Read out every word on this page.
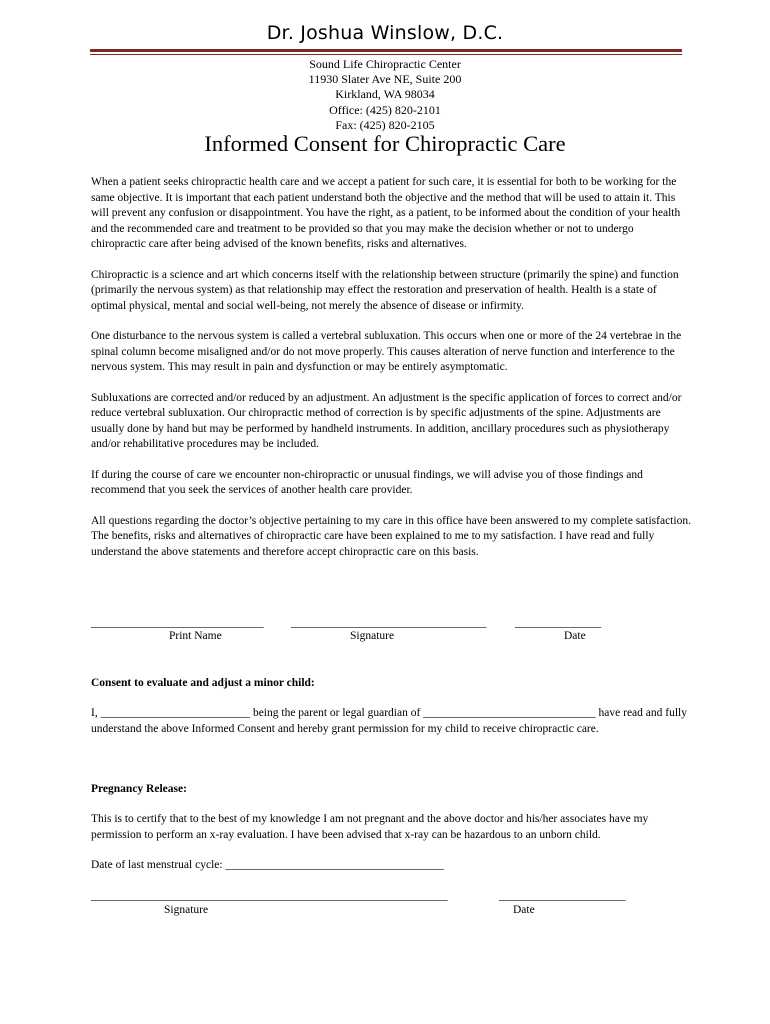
Dr. Joshua Winslow, D.C.
Sound Life Chiropractic Center
11930 Slater Ave NE, Suite 200
Kirkland, WA 98034
Office: (425) 820-2101
Fax: (425) 820-2105
Informed Consent for Chiropractic Care

When a patient seeks chiropractic health care and we accept a patient for such care, it is essential for both to be working for the same objective. It is important that each patient understand both the objective and the method that will be used to attain it. This will prevent any confusion or disappointment. You have the right, as a patient, to be informed about the condition of your health and the recommended care and treatment to be provided so that you may make the decision whether or not to undergo chiropractic care after being advised of the known benefits, risks and alternatives.

Chiropractic is a science and art which concerns itself with the relationship between structure (primarily the spine) and function (primarily the nervous system) as that relationship may effect the restoration and preservation of health. Health is a state of optimal physical, mental and social well-being, not merely the absence of disease or infirmity.

One disturbance to the nervous system is called a vertebral subluxation. This occurs when one or more of the 24 vertebrae in the spinal column become misaligned and/or do not move properly. This causes alteration of nerve function and interference to the nervous system. This may result in pain and dysfunction or may be entirely asymptomatic.

Subluxations are corrected and/or reduced by an adjustment. An adjustment is the specific application of forces to correct and/or reduce vertebral subluxation. Our chiropractic method of correction is by specific adjustments of the spine. Adjustments are usually done by hand but may be performed by handheld instruments. In addition, ancillary procedures such as physiotherapy and/or rehabilitative procedures may be included.

If during the course of care we encounter non-chiropractic or unusual findings, we will advise you of those findings and recommend that you seek the services of another health care provider.

All questions regarding the doctor’s objective pertaining to my care in this office have been answered to my complete satisfaction. The benefits, risks and alternatives of chiropractic care have been explained to me to my satisfaction. I have read and fully understand the above statements and therefore accept chiropractic care on this basis.

______________________________ __________________________________ _______________
Print Name	Signature	Date
Consent to evaluate and adjust a minor child:
I, __________________________ being the parent or legal guardian of ______________________________ have read and fully understand the above Informed Consent and hereby grant permission for my child to receive chiropractic care.
Pregnancy Release:
This is to certify that to the best of my knowledge I am not pregnant and the above doctor and his/her associates have my permission to perform an x-ray evaluation. I have been advised that x-ray can be hazardous to an unborn child.
Date of last menstrual cycle: ______________________________________
______________________________________________________________	______________________
Signature	Date
